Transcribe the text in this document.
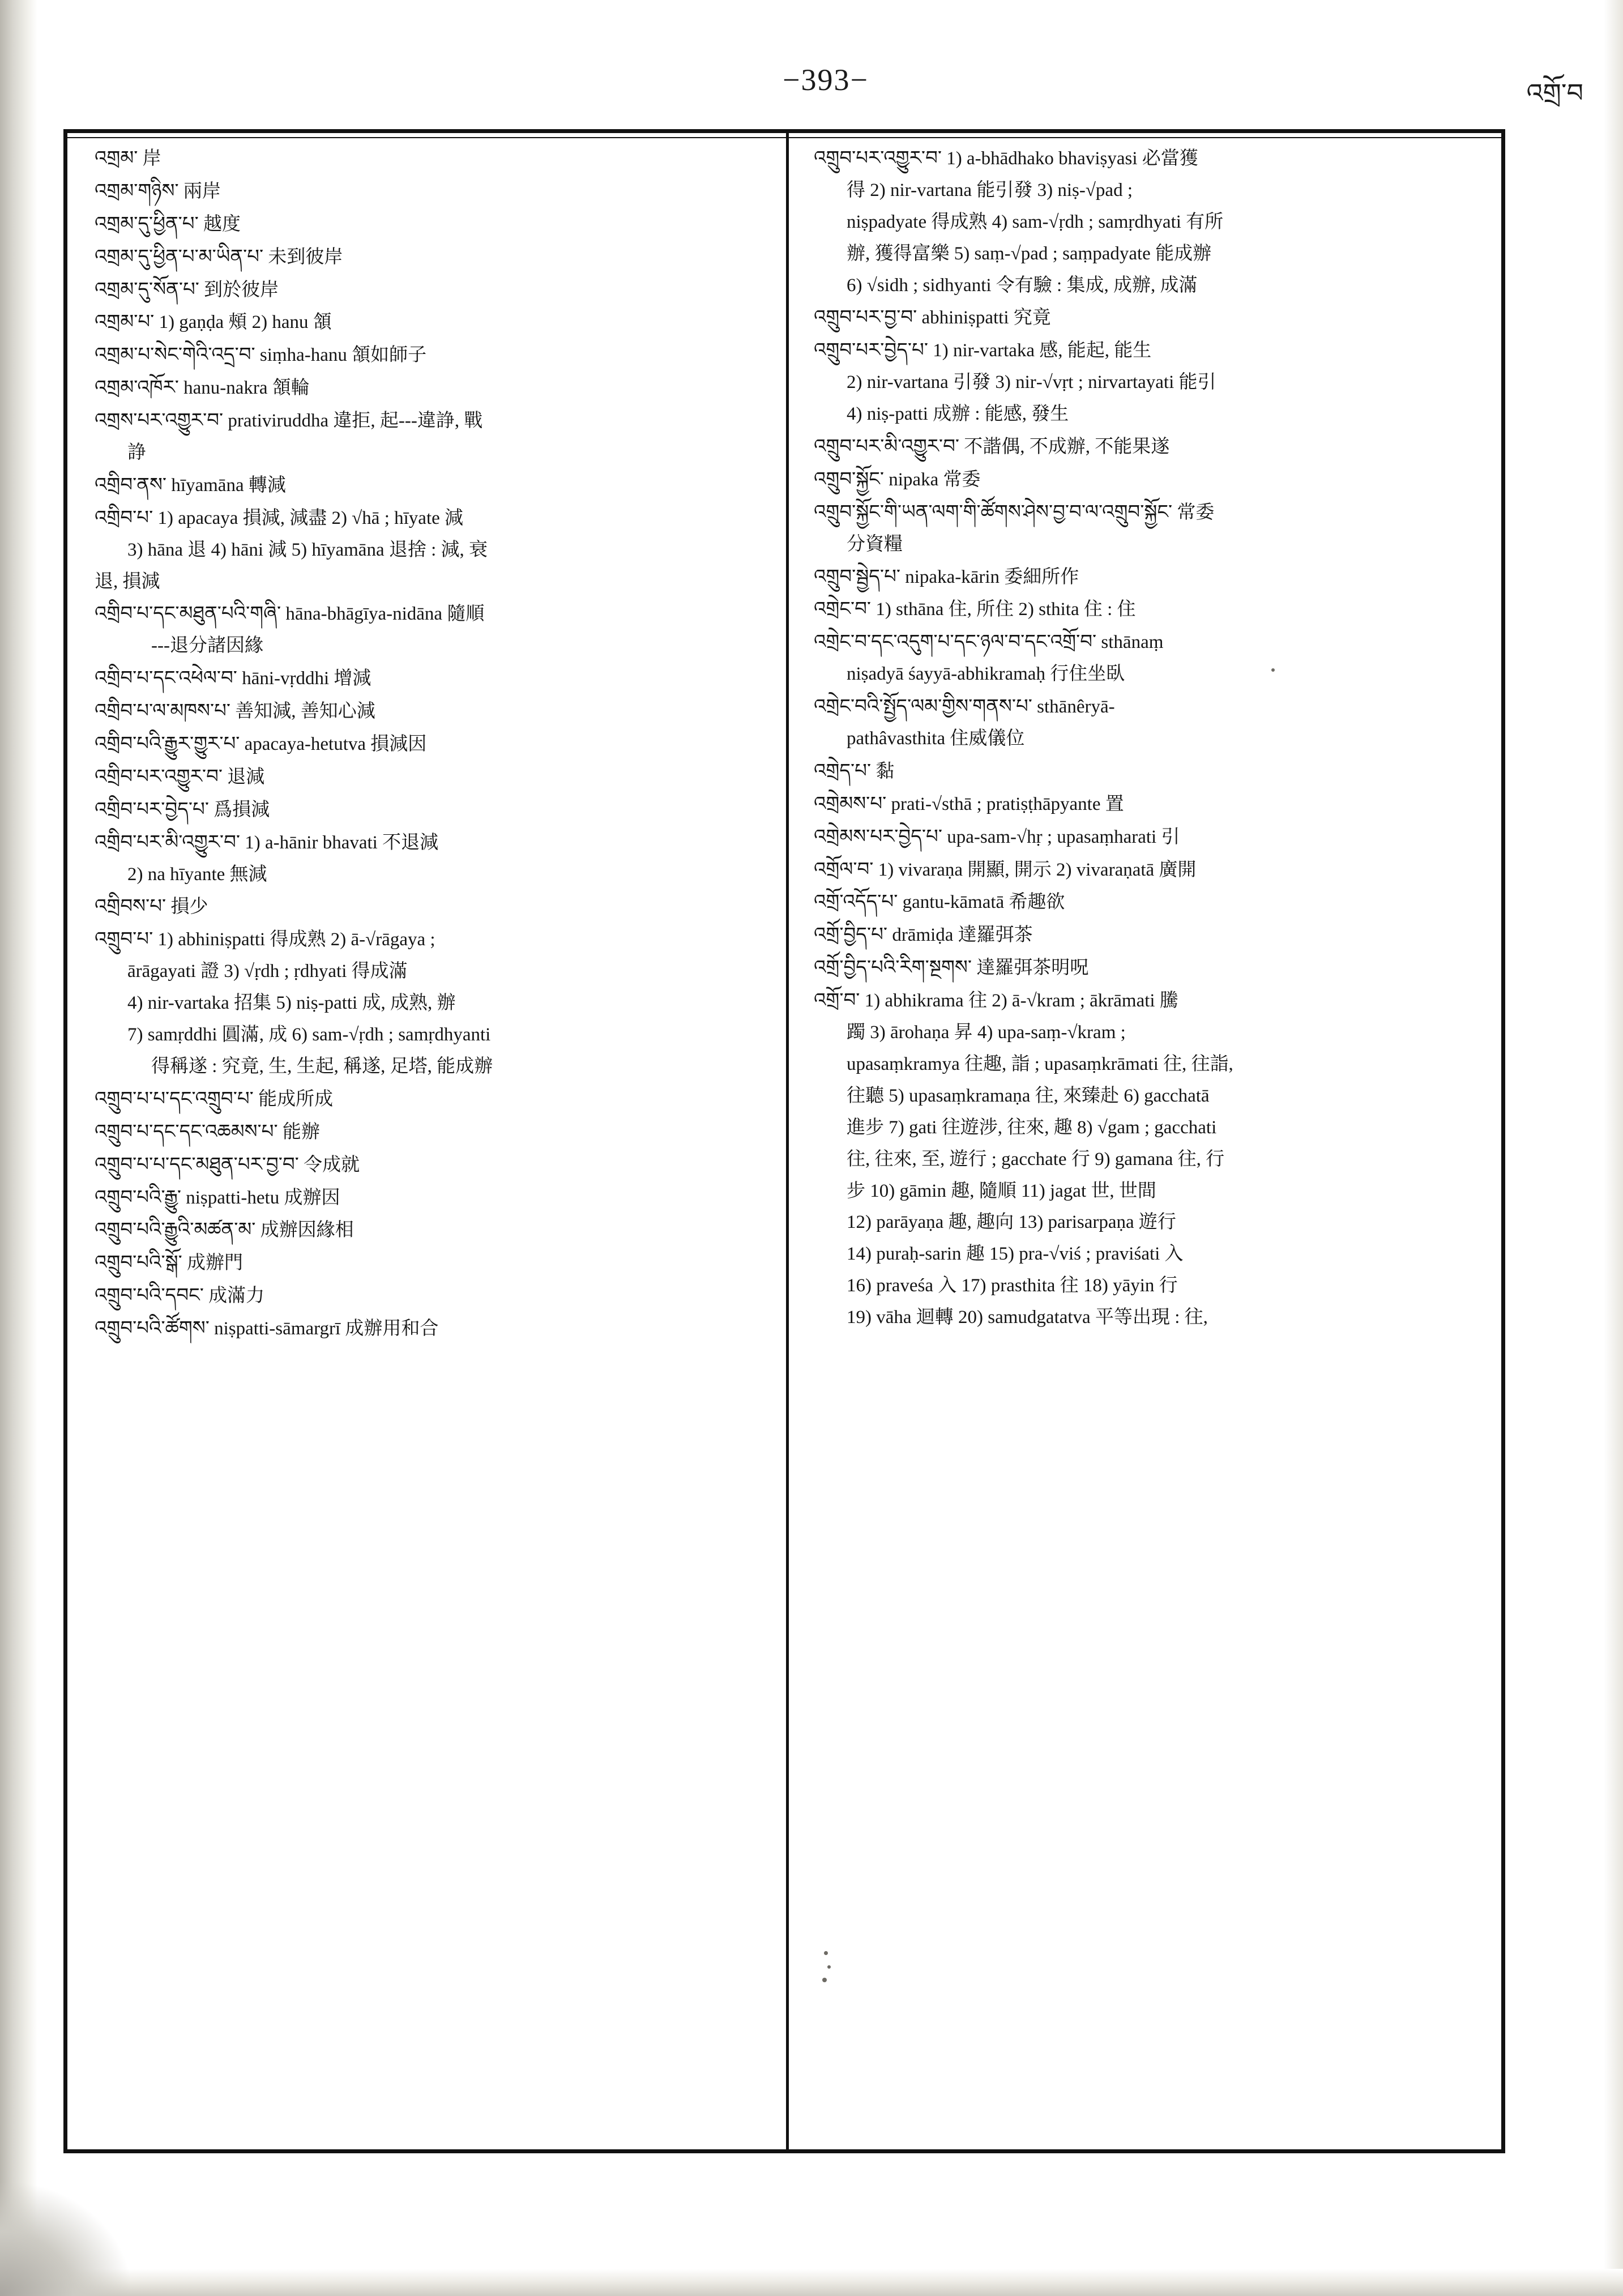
−393−	འགྲོ་བ

འགྲམ་ 岸

འགྲམ་གཉིས་ 兩岸

འགྲམ་དུ་ཕྱིན་པ་ 越度

འགྲམ་དུ་ཕྱིན་པ་མ་ཡིན་པ་ 未到彼岸

འགྲམ་དུ་སོན་པ་ 到於彼岸

འགྲམ་པ་ 1) gaṇḍa 頰 2) hanu 頷

འགྲམ་པ་སེང་གེའི་འདྲ་བ་ siṃha-hanu 頷如師子

འགྲམ་འཁོར་ hanu-nakra 頷輪

འགྲས་པར་འགྱུར་བ་ prativiruddha 違拒, 起‑‑‑違諍, 戰

諍

འགྲིབ་ནས་ hīyamāna 轉減

འགྲིབ་པ་ 1) apacaya 損減, 減盡 2) √hā ; hīyate 減

3) hāna 退 4) hāni 減 5) hīyamāna 退捨 : 減, 衰

退, 損減

འགྲིབ་པ་དང་མཐུན་པའི་གཞི་ hāna-bhāgīya-nidāna 隨順

‑‑‑退分諸因緣

འགྲིབ་པ་དང་འཕེལ་བ་ hāni-vṛddhi 增減

འགྲིབ་པ་ལ་མཁས་པ་ 善知減, 善知心減

འགྲིབ་པའི་རྒྱུར་གྱུར་པ་ apacaya-hetutva 損減因

འགྲིབ་པར་འགྱུར་བ་ 退減

འགྲིབ་པར་བྱེད་པ་ 爲損減

འགྲིབ་པར་མི་འགྱུར་བ་ 1) a-hānir bhavati 不退減

2) na hīyante 無減

འགྲིབས་པ་ 損少

འགྲུབ་པ་ 1) abhiniṣpatti 得成熟 2) ā‑√rāgaya ;

ārāgayati 證 3) √ṛdh ; ṛdhyati 得成滿

4) nir-vartaka 招集 5) niṣ-patti 成, 成熟, 辦

7) samṛddhi 圓滿, 成 6) sam‑√ṛdh ; samṛdhyanti

得稱遂 : 究竟, 生, 生起, 稱遂, 足塔, 能成辦

འགྲུབ་པ་པ་དང་འགྲུབ་པ་ 能成所成

འགྲུབ་པ་དང་དང་འཆམས་པ་ 能辦

འགྲུབ་པ་པ་དང་མཐུན་པར་བྱ་བ་ 令成就

འགྲུབ་པའི་རྒྱུ་ niṣpatti-hetu 成辦因

འགྲུབ་པའི་རྒྱུའི་མཚན་མ་ 成辦因緣相

འགྲུབ་པའི་སྒོ་ 成辦門

འགྲུབ་པའི་དབང་ 成滿力

འགྲུབ་པའི་ཚོགས་ niṣpatti-sāmargrī 成辦用和合

འགྲུབ་པར་འགྱུར་བ་ 1) a-bhādhako bhaviṣyasi 必當獲

得 2) nir-vartana 能引發 3) niṣ‑√pad ;

niṣpadyate 得成熟 4) sam‑√ṛdh ; samṛdhyati 有所

辦, 獲得富樂 5) saṃ‑√pad ; saṃpadyate 能成辦

6) √sidh ; sidhyanti 令有驗 : 集成, 成辦, 成滿

འགྲུབ་པར་བྱ་བ་ abhiniṣpatti 究竟

འགྲུབ་པར་བྱེད་པ་ 1) nir-vartaka 感, 能起, 能生

2) nir-vartana 引發 3) nir‑√vṛt ; nirvartayati 能引

4) niṣ-patti 成辦 : 能感, 發生

འགྲུབ་པར་མི་འགྱུར་བ་ 不諧偶, 不成辦, 不能果遂

འགྲུབ་སྐྱོང་ nipaka 常委

འགྲུབ་སྐྱོང་གི་ཡན་ལག་གི་ཚོགས་ཤེས་བྱ་བ་ལ་འགྲུབ་སྐྱོང་ 常委

分資糧

འགྲུབ་སྦྱེད་པ་ nipaka-kārin 委細所作

འགྲེང་བ་ 1) sthāna 住, 所住 2) sthita 住 : 住

འགྲེང་བ་དང་འདུག་པ་དང་ཉལ་བ་དང་འགྲོ་བ་ sthānaṃ

niṣadyā śayyā-abhikramaḥ 行住坐臥

འགྲེང་བའི་སྤྱོད་ལམ་གྱིས་གནས་པ་ sthānêryā‑

pathâvasthita 住威儀位

འགྲེད་པ་ 黏

འགྲེམས་པ་ prati‑√sthā ; pratiṣṭhāpyante 置

འགྲེམས་པར་བྱེད་པ་ upa-sam‑√hṛ ; upasaṃharati 引

འགྲོལ་བ་ 1) vivaraṇa 開顯, 開示 2) vivaraṇatā 廣開

འགྲོ་འདོད་པ་ gantu-kāmatā 希趣欲

འགྲོ་བྱིད་པ་ drāmiḍa 達羅弭茶

འགྲོ་བྱིད་པའི་རིག་སྔགས་ 達羅弭茶明呪

འགྲོ་བ་ 1) abhikrama 往 2) ā‑√kram ; ākrāmati 騰

躅 3) ārohaṇa 昇 4) upa-saṃ‑√kram ;

upasaṃkramya 往趣, 詣 ; upasaṃkrāmati 往, 往詣,

往聽 5) upasaṃkramaṇa 往, 來臻赴 6) gacchatā

進步 7) gati 往遊涉, 往來, 趣 8) √gam ; gacchati

往, 往來, 至, 遊行 ; gacchate 行 9) gamana 往, 行

步 10) gāmin 趣, 隨順 11) jagat 世, 世間

12) parāyaṇa 趣, 趣向 13) parisarpaṇa 遊行

14) puraḥ-sarin 趣 15) pra‑√viś ; praviśati 入

16) praveśa 入 17) prasthita 往 18) yāyin 行

19) vāha 迴轉 20) samudgatatva 平等出現 : 往,
